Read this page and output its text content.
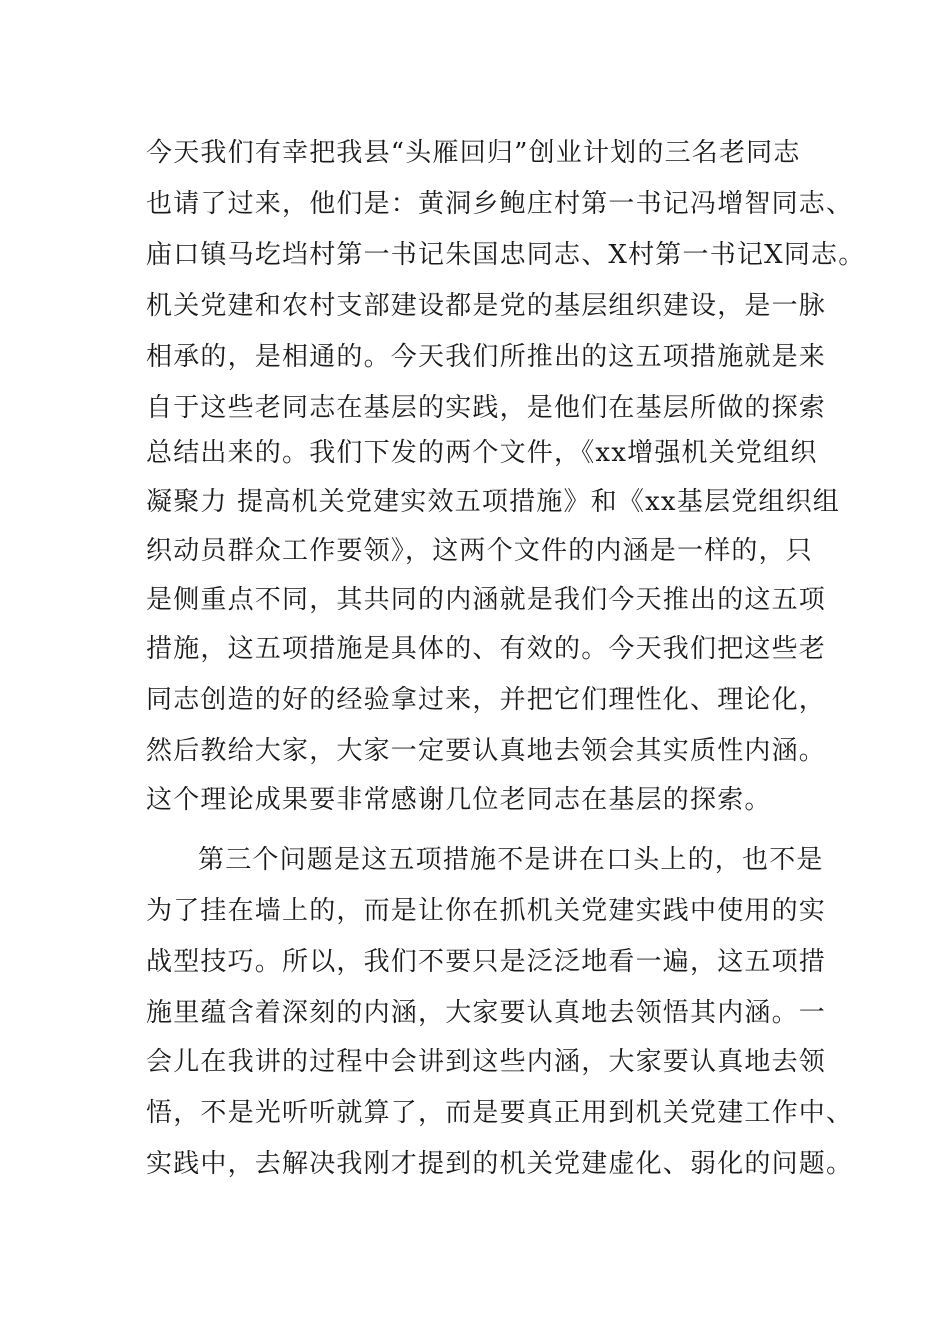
今天我们有幸把我县“头雁回归”创业计划的三名老同志
也请了过来，他们是：黄洞乡鲍庄村第一书记冯增智同志、
庙口镇马圪垱村第一书记朱国忠同志、X村第一书记X同志。
机关党建和农村支部建设都是党的基层组织建设，是一脉
相承的，是相通的。今天我们所推出的这五项措施就是来
自于这些老同志在基层的实践，是他们在基层所做的探索
总结出来的。我们下发的两个文件，《xx增强机关党组织
凝聚力 提高机关党建实效五项措施》和《xx基层党组织组
织动员群众工作要领》，这两个文件的内涵是一样的，只
是侧重点不同，其共同的内涵就是我们今天推出的这五项
措施，这五项措施是具体的、有效的。今天我们把这些老
同志创造的好的经验拿过来，并把它们理性化、理论化，
然后教给大家，大家一定要认真地去领会其实质性内涵。
这个理论成果要非常感谢几位老同志在基层的探索。
第三个问题是这五项措施不是讲在口头上的，也不是
为了挂在墙上的，而是让你在抓机关党建实践中使用的实
战型技巧。所以，我们不要只是泛泛地看一遍，这五项措
施里蕴含着深刻的内涵，大家要认真地去领悟其内涵。一
会儿在我讲的过程中会讲到这些内涵，大家要认真地去领
悟，不是光听听就算了，而是要真正用到机关党建工作中、
实践中，去解决我刚才提到的机关党建虚化、弱化的问题。
